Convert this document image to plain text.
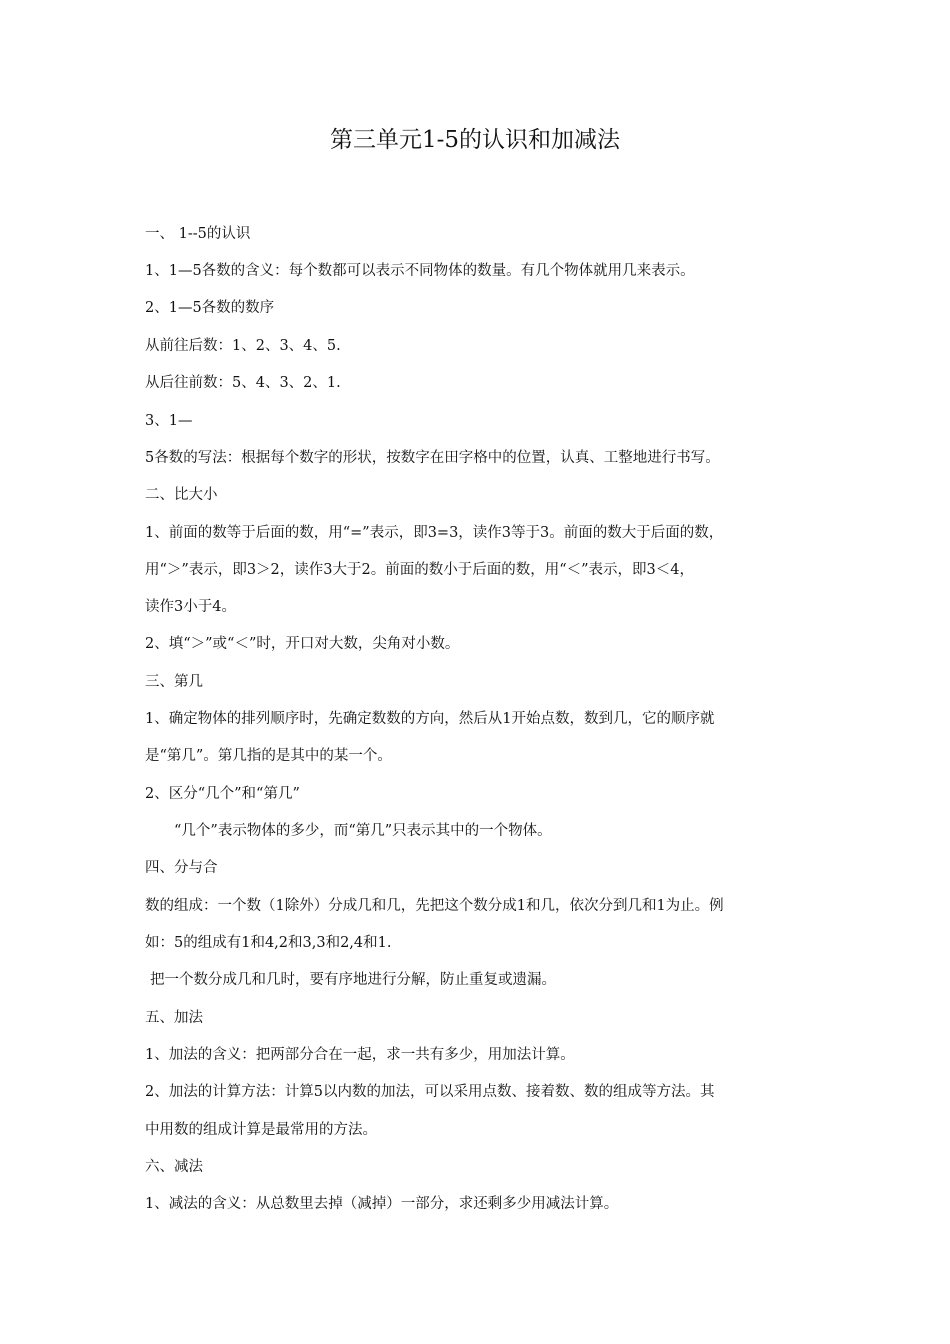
第三单元1-5的认识和加减法
一、 1--5的认识
1、1—5各数的含义：每个数都可以表示不同物体的数量。有几个物体就用几来表示。
2、1—5各数的数序
从前往后数：1、2、3、4、5.
从后往前数：5、4、3、2、1.
3、1—
5各数的写法：根据每个数字的形状，按数字在田字格中的位置，认真、工整地进行书写。
二、比大小
1、前面的数等于后面的数，用“=”表示，即3=3，读作3等于3。前面的数大于后面的数，
用“＞”表示，即3＞2，读作3大于2。前面的数小于后面的数，用“＜”表示，即3＜4，
读作3小于4。
2、填“＞”或“＜”时，开口对大数，尖角对小数。
三、第几
1、确定物体的排列顺序时，先确定数数的方向，然后从1开始点数，数到几，它的顺序就
是“第几”。第几指的是其中的某一个。
2、区分“几个”和“第几”
“几个”表示物体的多少，而“第几”只表示其中的一个物体。
四、分与合
数的组成：一个数（1除外）分成几和几，先把这个数分成1和几，依次分到几和1为止。例
如：5的组成有1和4,2和3,3和2,4和1.
把一个数分成几和几时，要有序地进行分解，防止重复或遗漏。
五、加法
1、加法的含义：把两部分合在一起，求一共有多少，用加法计算。
2、加法的计算方法：计算5以内数的加法，可以采用点数、接着数、数的组成等方法。其
中用数的组成计算是最常用的方法。
六、减法
1、减法的含义：从总数里去掉（减掉）一部分，求还剩多少用减法计算。
